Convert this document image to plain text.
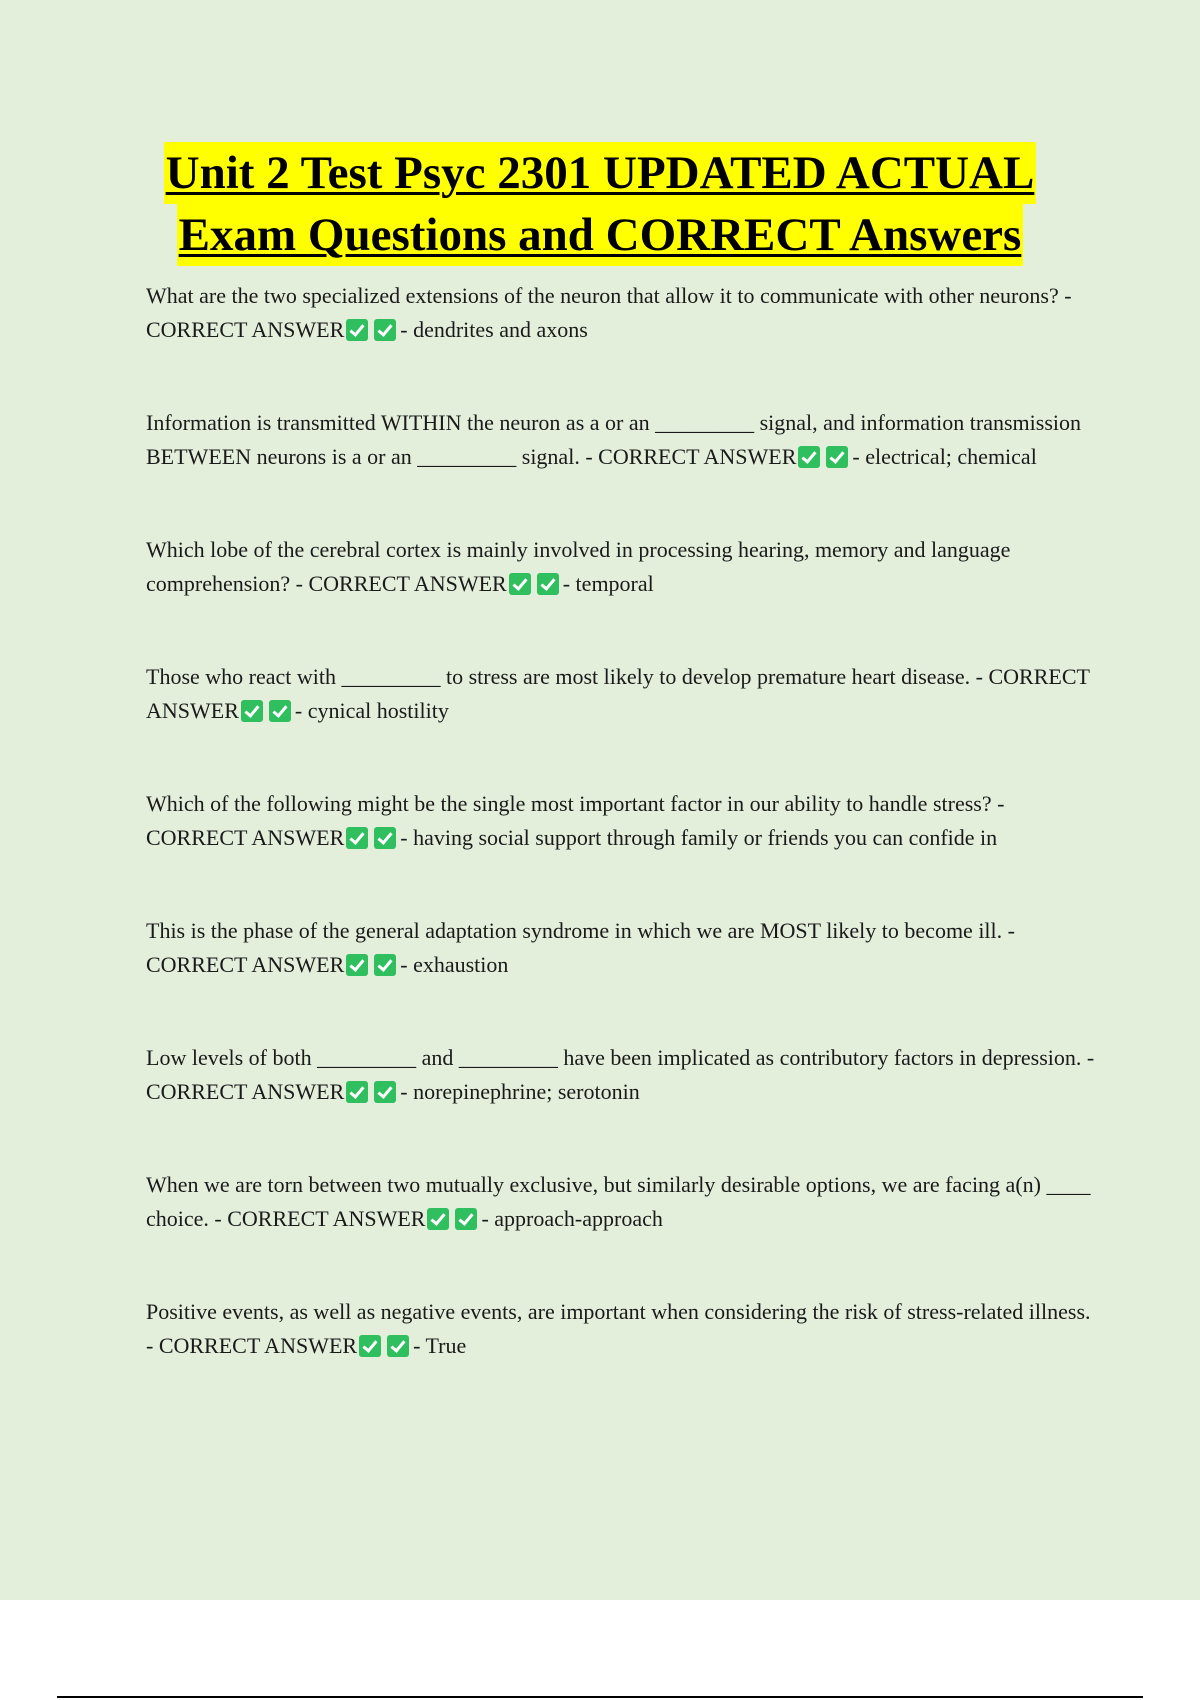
Unit 2 Test Psyc 2301 UPDATED ACTUAL
Exam Questions and CORRECT Answers

What are the two specialized extensions of the neuron that allow it to communicate with other neurons? - CORRECT ANSWER	- dendrites and axons

Information is transmitted WITHIN the neuron as a or an _________ signal, and information transmission BETWEEN neurons is a or an _________ signal. - CORRECT ANSWER	- electrical; chemical

Which lobe of the cerebral cortex is mainly involved in processing hearing, memory and language comprehension? - CORRECT ANSWER	- temporal

Those who react with _________ to stress are most likely to develop premature heart disease. - CORRECT ANSWER	- cynical hostility

Which of the following might be the single most important factor in our ability to handle stress? - CORRECT ANSWER	- having social support through family or friends you can confide in

This is the phase of the general adaptation syndrome in which we are MOST likely to become ill. - CORRECT ANSWER	- exhaustion

Low levels of both _________ and _________ have been implicated as contributory factors in depression. - CORRECT ANSWER	- norepinephrine; serotonin

When we are torn between two mutually exclusive, but similarly desirable options, we are facing a(n) ____ choice. - CORRECT ANSWER	- approach-approach

Positive events, as well as negative events, are important when considering the risk of stress-related illness. - CORRECT ANSWER	- True
